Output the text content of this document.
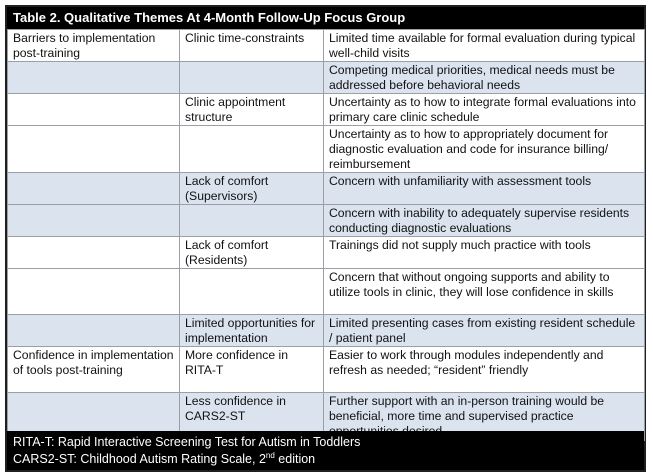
Table 2. Qualitative Themes At 4-Month Follow-Up Focus Group
Barriers to implementation post-training	Clinic time-constraints	Limited time available for formal evaluation during typical well-child visits
		Competing medical priorities, medical needs must be addressed before behavioral needs
	Clinic appointment structure	Uncertainty as to how to integrate formal evaluations into primary care clinic schedule
		Uncertainty as to how to appropriately document for diagnostic evaluation and code for insurance billing/ reimbursement
	Lack of comfort (Supervisors)	Concern with unfamiliarity with assessment tools
		Concern with inability to adequately supervise residents conducting diagnostic evaluations
	Lack of comfort (Residents)	Trainings did not supply much practice with tools
		Concern that without ongoing supports and ability to utilize tools in clinic, they will lose confidence in skills
	Limited opportunities for implementation	Limited presenting cases from existing resident schedule / patient panel
Confidence in implementation of tools post-training	More confidence in RITA-T	Easier to work through modules independently and refresh as needed; “resident” friendly
	Less confidence in CARS2-ST	Further support with an in-person training would be beneficial, more time and supervised practice
RITA-T: Rapid Interactive Screening Test for Autism in Toddlers
CARS2-ST: Childhood Autism Rating Scale, 2nd edition
